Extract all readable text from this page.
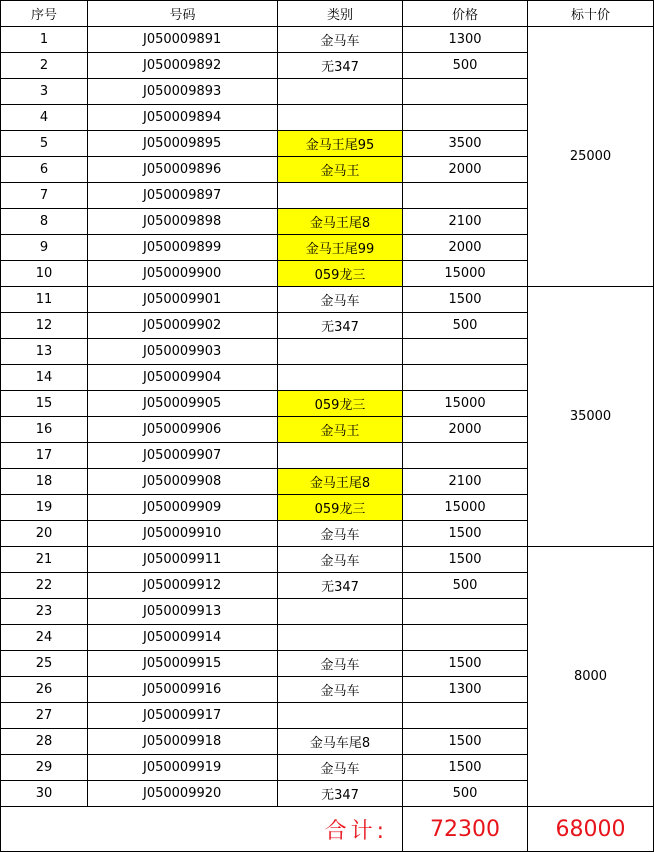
序号	号码	类别	价格	标十价
1	J050009891	金马车	1300	25000
2	J050009892	无347	500	
3	J050009893			
4	J050009894			
5	J050009895	金马王尾95	3500	
6	J050009896	金马王	2000	
7	J050009897			
8	J050009898	金马王尾8	2100	
9	J050009899	金马王尾99	2000	
10	J050009900	059龙三	15000	
11	J050009901	金马车	1500	35000
12	J050009902	无347	500	
13	J050009903			
14	J050009904			
15	J050009905	059龙三	15000	
16	J050009906	金马王	2000	
17	J050009907			
18	J050009908	金马王尾8	2100	
19	J050009909	059龙三	15000	
20	J050009910	金马车	1500	
21	J050009911	金马车	1500	8000
22	J050009912	无347	500	
23	J050009913			
24	J050009914			
25	J050009915	金马车	1500	
26	J050009916	金马车	1300	
27	J050009917			
28	J050009918	金马车尾8	1500	
29	J050009919	金马车	1500	
30	J050009920	无347	500	
合计:			72300	68000
